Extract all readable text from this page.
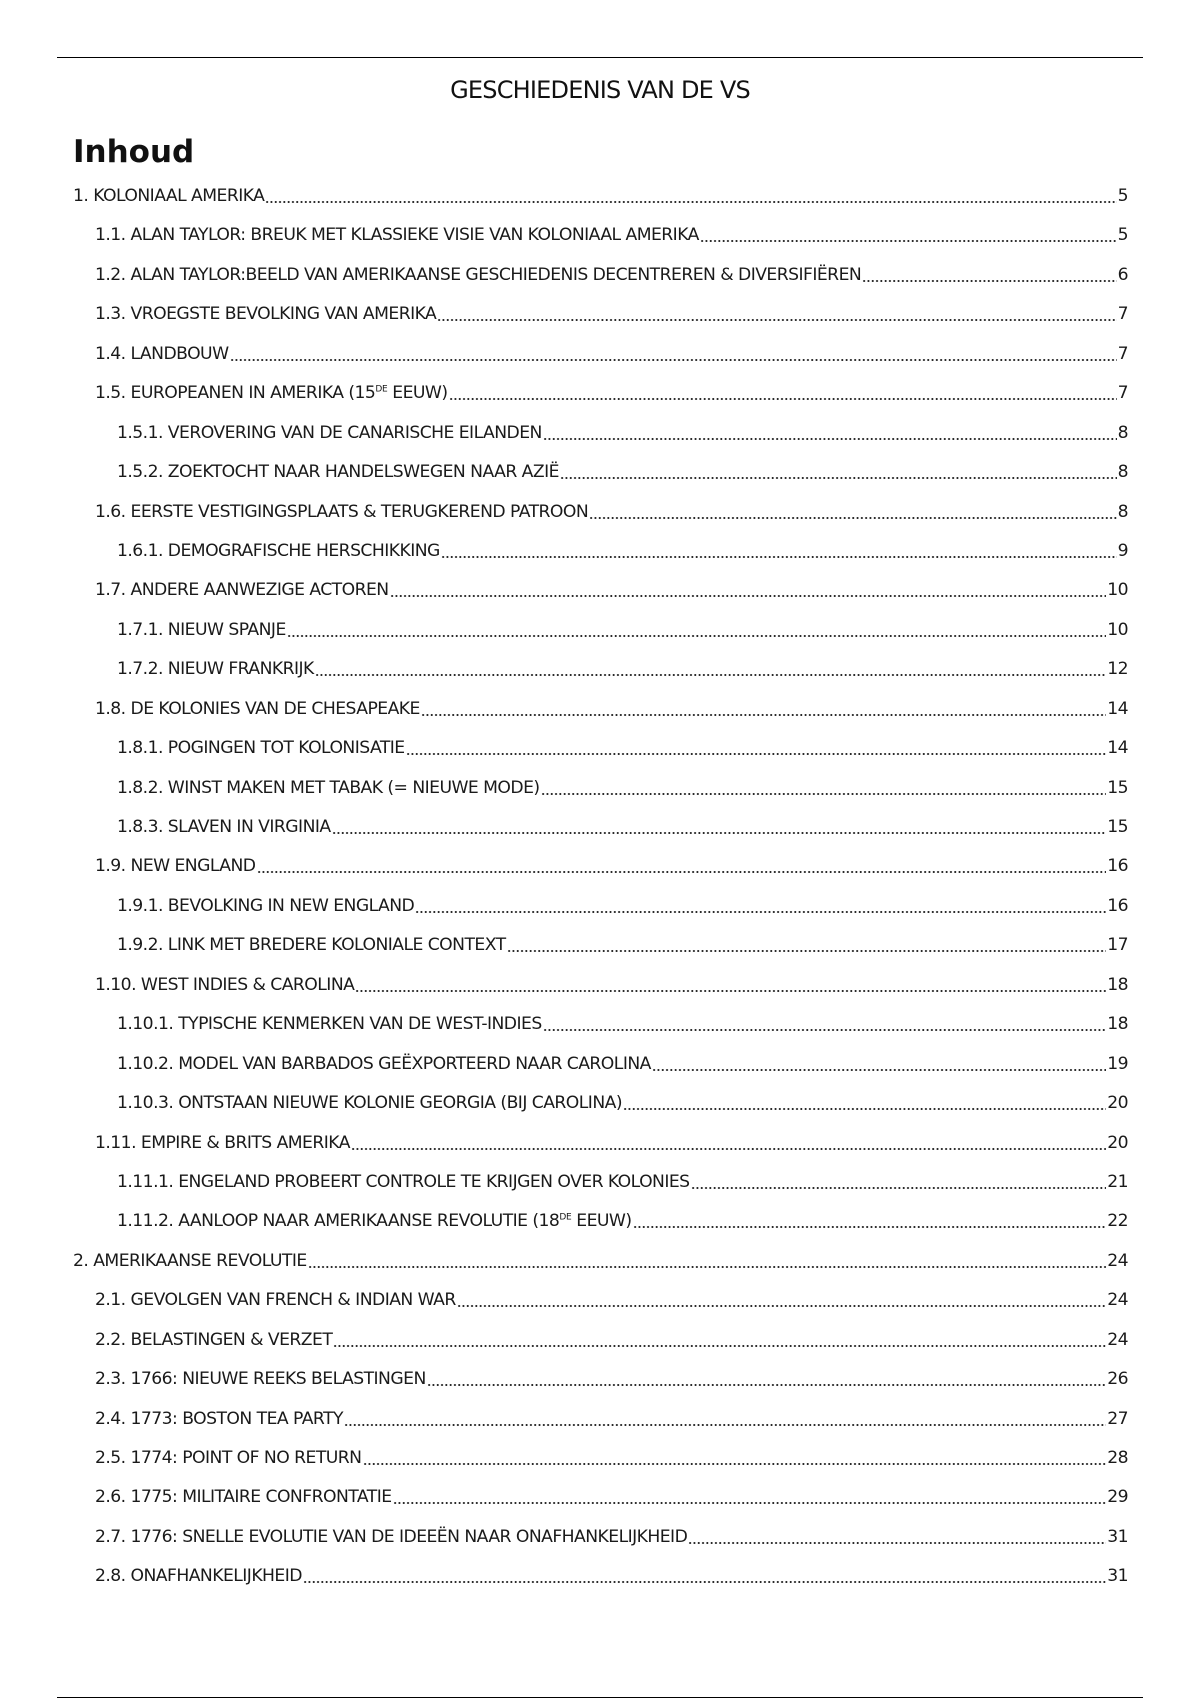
GESCHIEDENIS VAN DE VS
Inhoud
1. KOLONIAAL AMERIKA	5
1.1. ALAN TAYLOR: BREUK MET KLASSIEKE VISIE VAN KOLONIAAL AMERIKA	5
1.2. ALAN TAYLOR:BEELD VAN AMERIKAANSE GESCHIEDENIS DECENTREREN & DIVERSIFIËREN	6
1.3. VROEGSTE BEVOLKING VAN AMERIKA	7
1.4. LANDBOUW	7
1.5. EUROPEANEN IN AMERIKA (15DE EEUW)	7
1.5.1. VEROVERING VAN DE CANARISCHE EILANDEN	8
1.5.2. ZOEKTOCHT NAAR HANDELSWEGEN NAAR AZIË	8
1.6. EERSTE VESTIGINGSPLAATS & TERUGKEREND PATROON	8
1.6.1. DEMOGRAFISCHE HERSCHIKKING	9
1.7. ANDERE AANWEZIGE ACTOREN	10
1.7.1. NIEUW SPANJE	10
1.7.2. NIEUW FRANKRIJK	12
1.8. DE KOLONIES VAN DE CHESAPEAKE	14
1.8.1. POGINGEN TOT KOLONISATIE	14
1.8.2. WINST MAKEN MET TABAK (= NIEUWE MODE)	15
1.8.3. SLAVEN IN VIRGINIA	15
1.9. NEW ENGLAND	16
1.9.1. BEVOLKING IN NEW ENGLAND	16
1.9.2. LINK MET BREDERE KOLONIALE CONTEXT	17
1.10. WEST INDIES & CAROLINA	18
1.10.1. TYPISCHE KENMERKEN VAN DE WEST-INDIES	18
1.10.2. MODEL VAN BARBADOS GEËXPORTEERD NAAR CAROLINA	19
1.10.3. ONTSTAAN NIEUWE KOLONIE GEORGIA (BIJ CAROLINA)	20
1.11. EMPIRE & BRITS AMERIKA	20
1.11.1. ENGELAND PROBEERT CONTROLE TE KRIJGEN OVER KOLONIES	21
1.11.2. AANLOOP NAAR AMERIKAANSE REVOLUTIE (18DE EEUW)	22
2. AMERIKAANSE REVOLUTIE	24
2.1. GEVOLGEN VAN FRENCH & INDIAN WAR	24
2.2. BELASTINGEN & VERZET	24
2.3. 1766: NIEUWE REEKS BELASTINGEN	26
2.4. 1773: BOSTON TEA PARTY	27
2.5. 1774: POINT OF NO RETURN	28
2.6. 1775: MILITAIRE CONFRONTATIE	29
2.7. 1776: SNELLE EVOLUTIE VAN DE IDEEËN NAAR ONAFHANKELIJKHEID	31
2.8. ONAFHANKELIJKHEID	31
